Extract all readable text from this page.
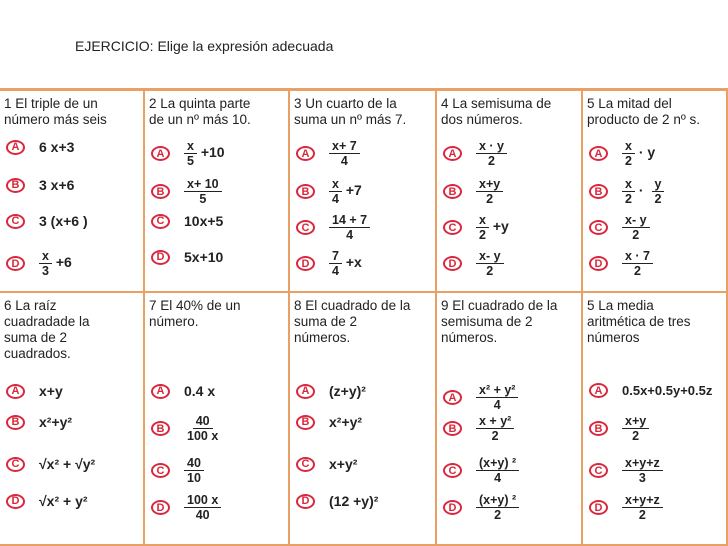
EJERCICIO: Elige la expresión adecuada
1 El triple de un
número más seis
A	6 x+3
B	3 x+6
C	3 (x+6 )
D	$\frac{x}{3} +6$
2 La quinta parte
de un nº más 10.
A	$\frac{x}{5} +10$
B	$\frac{x+ 10}{5}$
C	10x+5
D	5x+10
3 Un cuarto de la
suma un nº más 7.
A	$\frac{x+ 7}{4}$
B	$\frac{x}{4} +7$
C	$\frac{14 + 7}{4}$
D	$\frac{7}{4} +x$
4 La semisuma de
dos números.
A	$\frac{x \cdot y}{2}$
B	$\frac{x+y}{2}$
C	$\frac{x}{2} +y$
D	$\frac{x- y}{2}$
5 La mitad del
producto de 2 nº s.
A	$\frac{x}{2} \cdot y$
B	$\frac{x}{2} \cdot \frac{y}{2}$
C	$\frac{x- y}{2}$
D	$\frac{x \cdot 7}{2}$
6 La raíz
cuadradade la
suma de 2
cuadrados.
A	x+y
B	x²+y²
C	√x² + √y²
D	√x² + y²
7 El 40% de un
número.
A	0.4 x
B	$\frac{40}{100 x}$
C	$\frac{40}{10}$
D	$\frac{100 x}{40}$
8 El cuadrado de la
suma de 2
números.
A	(z+y)²
B	x²+y²
C	x+y²
D	(12 +y)²
9 El cuadrado de la
semisuma de 2
números.
A	$\frac{\text{x² + y²}}{4}$
B	$\frac{\text{x + y²}}{2}$
C	$\frac{\text{(x+y) ²}}{4}$
D	$\frac{\text{(x+y) ²}}{2}$
5 La media
aritmética de tres
números
A	0.5x+0.5y+0.5z
B	$\frac{x+y}{2}$
C	$\frac{x+y+z}{3}$
D	$\frac{x+y+z}{2}$
